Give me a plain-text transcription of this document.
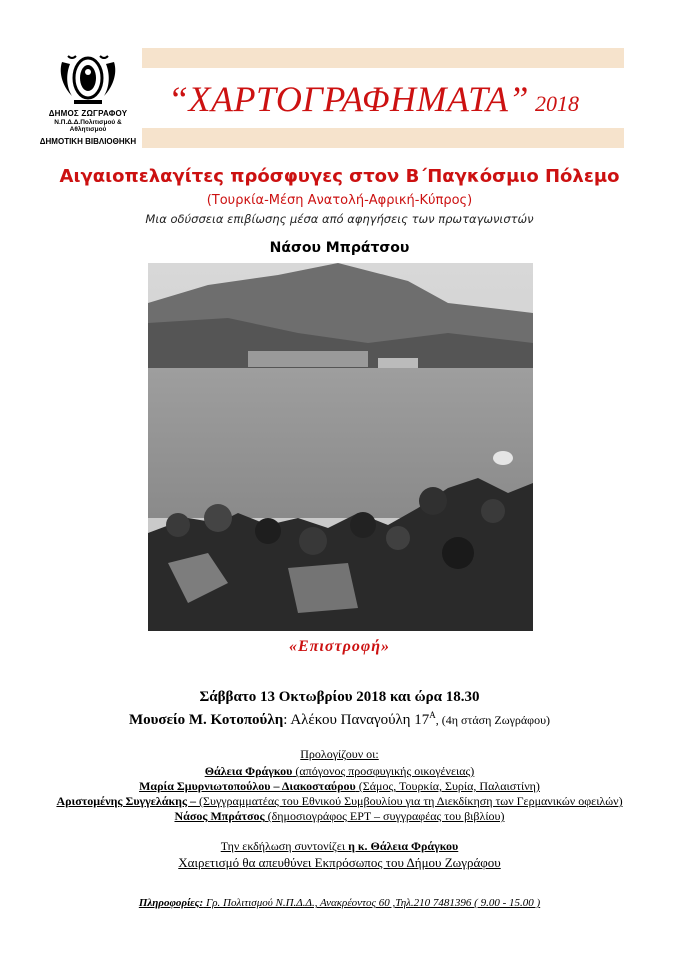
ΔΗΜΟΣ ΖΩΓΡΑΦΟΥ
Ν.Π.Δ.Δ.Πολιτισμού & Αθλητισμού
ΔΗΜΟΤΙΚΗ ΒΙΒΛΙΟΘΗΚΗ
“ΧΑΡΤΟΓΡΑΦΗΜΑΤΑ” 2018
Αιγαιοπελαγίτες πρόσφυγες στον Β΄Παγκόσμιο Πόλεμο
(Τουρκία-Μέση Ανατολή-Αφρική-Κύπρος)
Μια οδύσσεια επιβίωσης μέσα από αφηγήσεις των πρωταγωνιστών
Νάσου Μπράτσου
«Επιστροφή»
Σάββατο 13 Οκτωβρίου 2018 και ώρα 18.30
Μουσείο Μ. Κοτοπούλη: Αλέκου Παναγούλη $17^A$, (4η στάση Ζωγράφου)
Προλογίζουν οι:
Θάλεια Φράγκου (απόγονος προσφυγικής οικογένειας)
Μαρία Σμυρνιωτοπούλου – Διακοσταύρου (Σάμος, Τουρκία, Συρία, Παλαιστίνη)
Αριστομένης Συγγελάκης – (Συγγραμματέας του Εθνικού Συμβουλίου για τη Διεκδίκηση των Γερμανικών οφειλών)
Νάσος Μπράτσος (δημοσιογράφος ΕΡΤ – συγγραφέας του βιβλίου)
Την εκδήλωση συντονίζει η κ. Θάλεια Φράγκου
Χαιρετισμό θα απευθύνει Εκπρόσωπος του Δήμου Ζωγράφου
Πληροφορίες: Γρ. Πολιτισμού Ν.Π.Δ.Δ., Ανακρέοντος 60 ,Τηλ.210 7481396 ( 9.00 - 15.00 )
